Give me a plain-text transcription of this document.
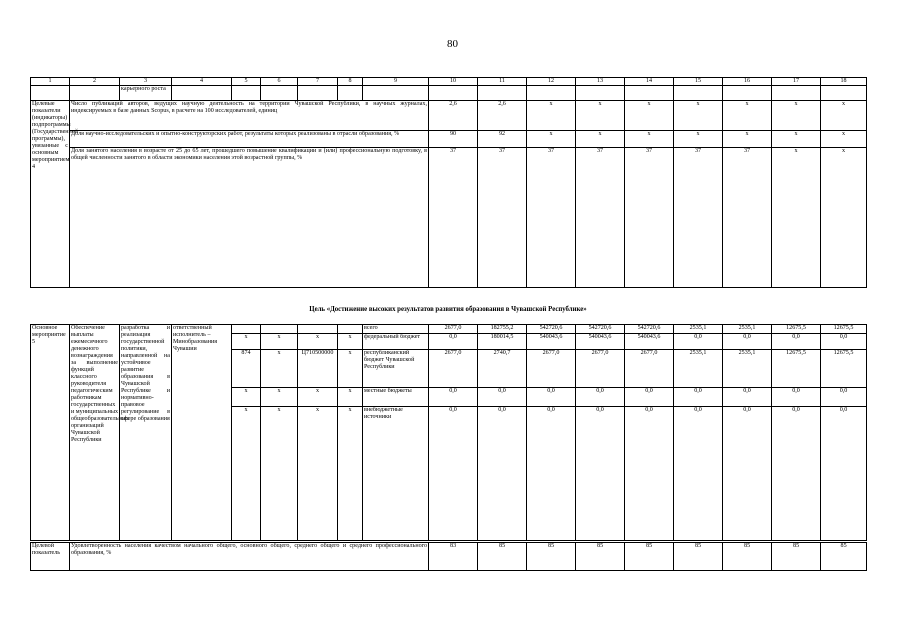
80
1	2	3	4	5	6	7	8	9	10	11	12	13	14	15	16	17	18
		карьерного роста															
Целевые показатели (индикаторы) подпрограммы (Государственной программы), увязанные с основным мероприятием 4	Число публикаций авторов, ведущих научную деятельность на территории Чувашской Республики, в научных журналах, индексируемых в базе данных Scopus, в расчете на 100 исследователей, единиц								2,6	2,6	x	x	x	x	x	x	x
	Доля научно-исследовательских и опытно-конструкторских работ, результаты которых реализованы в отрасли образования, %								90	92	x	x	x	x	x	x	x
	Доля занятого населения в возрасте от 25 до 65 лет, прошедшего повышение квалификации и (или) профессиональную подготовку, в общей численности занятого в области экономики населения этой возрастной группы, %								37	37	37	37	37	37	37	x	x
Цель «Достижение высоких результатов развития образования в Чувашской Республике»
Основное мероприятие 5	Обеспечение выплаты ежемесячного денежного вознаграждения за выполнение функций классного руководителя педагогическим работникам государственных и муниципальных общеобразовательных организаций Чувашской Республики	разработка и реализация государственной политики, направленной на устойчивое развитие образования в Чувашской Республике и нормативно-правовое регулирование в сфере образования	ответственный исполнитель – Минобразования Чувашии					всего	2677,0	182755,2	542720,6	542720,6	542720,6	2535,1	2535,1	12675,5	12675,5
				x	x	x	x	федеральный бюджет	0,0	180014,5	540043,6	540043,6	540043,6	0,0	0,0	0,0	0,0
				874	x	Ц710500000	x	республиканский бюджет Чувашской Республики	2677,0	2740,7	2677,0	2677,0	2677,0	2535,1	2535,1	12675,5	12675,5
				x	x	x	x	местные бюджеты	0,0	0,0	0,0	0,0	0,0	0,0	0,0	0,0	0,0
				x	x	x	x	внебюджетные источники	0,0	0,0	0,0	0,0	0,0	0,0	0,0	0,0	0,0
Целевой показатель	Удовлетворенность населения качеством начального общего, основного общего, среднего общего и среднего профессионального образования, %	83	85	85	85	85	85	85	85	85
